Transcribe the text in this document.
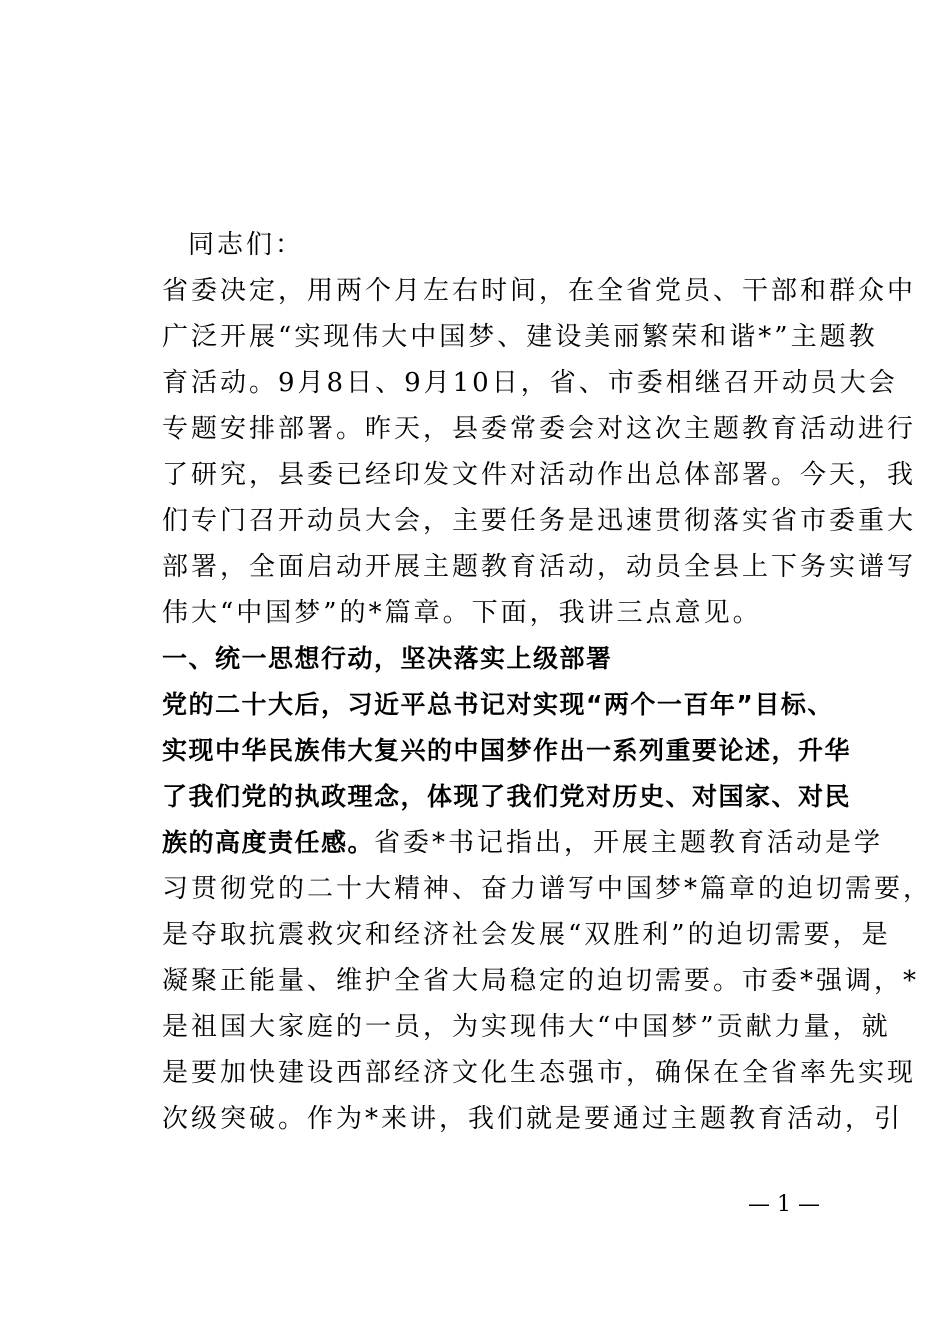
同志们：
省委决定，用两个月左右时间，在全省党员、干部和群众中
广泛开展“实现伟大中国梦、建设美丽繁荣和谐*”主题教
育活动。9月8日、9月10日，省、市委相继召开动员大会
专题安排部署。昨天，县委常委会对这次主题教育活动进行
了研究，县委已经印发文件对活动作出总体部署。今天，我
们专门召开动员大会，主要任务是迅速贯彻落实省市委重大
部署，全面启动开展主题教育活动，动员全县上下务实谱写
伟大“中国梦”的*篇章。下面，我讲三点意见。
一、统一思想行动，坚决落实上级部署
党的二十大后，习近平总书记对实现“两个一百年”目标、
实现中华民族伟大复兴的中国梦作出一系列重要论述，升华
了我们党的执政理念，体现了我们党对历史、对国家、对民
族的高度责任感。省委*书记指出，开展主题教育活动是学
习贯彻党的二十大精神、奋力谱写中国梦*篇章的迫切需要，
是夺取抗震救灾和经济社会发展“双胜利”的迫切需要，是
凝聚正能量、维护全省大局稳定的迫切需要。市委*强调，*
是祖国大家庭的一员，为实现伟大“中国梦”贡献力量，就
是要加快建设西部经济文化生态强市，确保在全省率先实现
次级突破。作为*来讲，我们就是要通过主题教育活动，引
— 1 —
